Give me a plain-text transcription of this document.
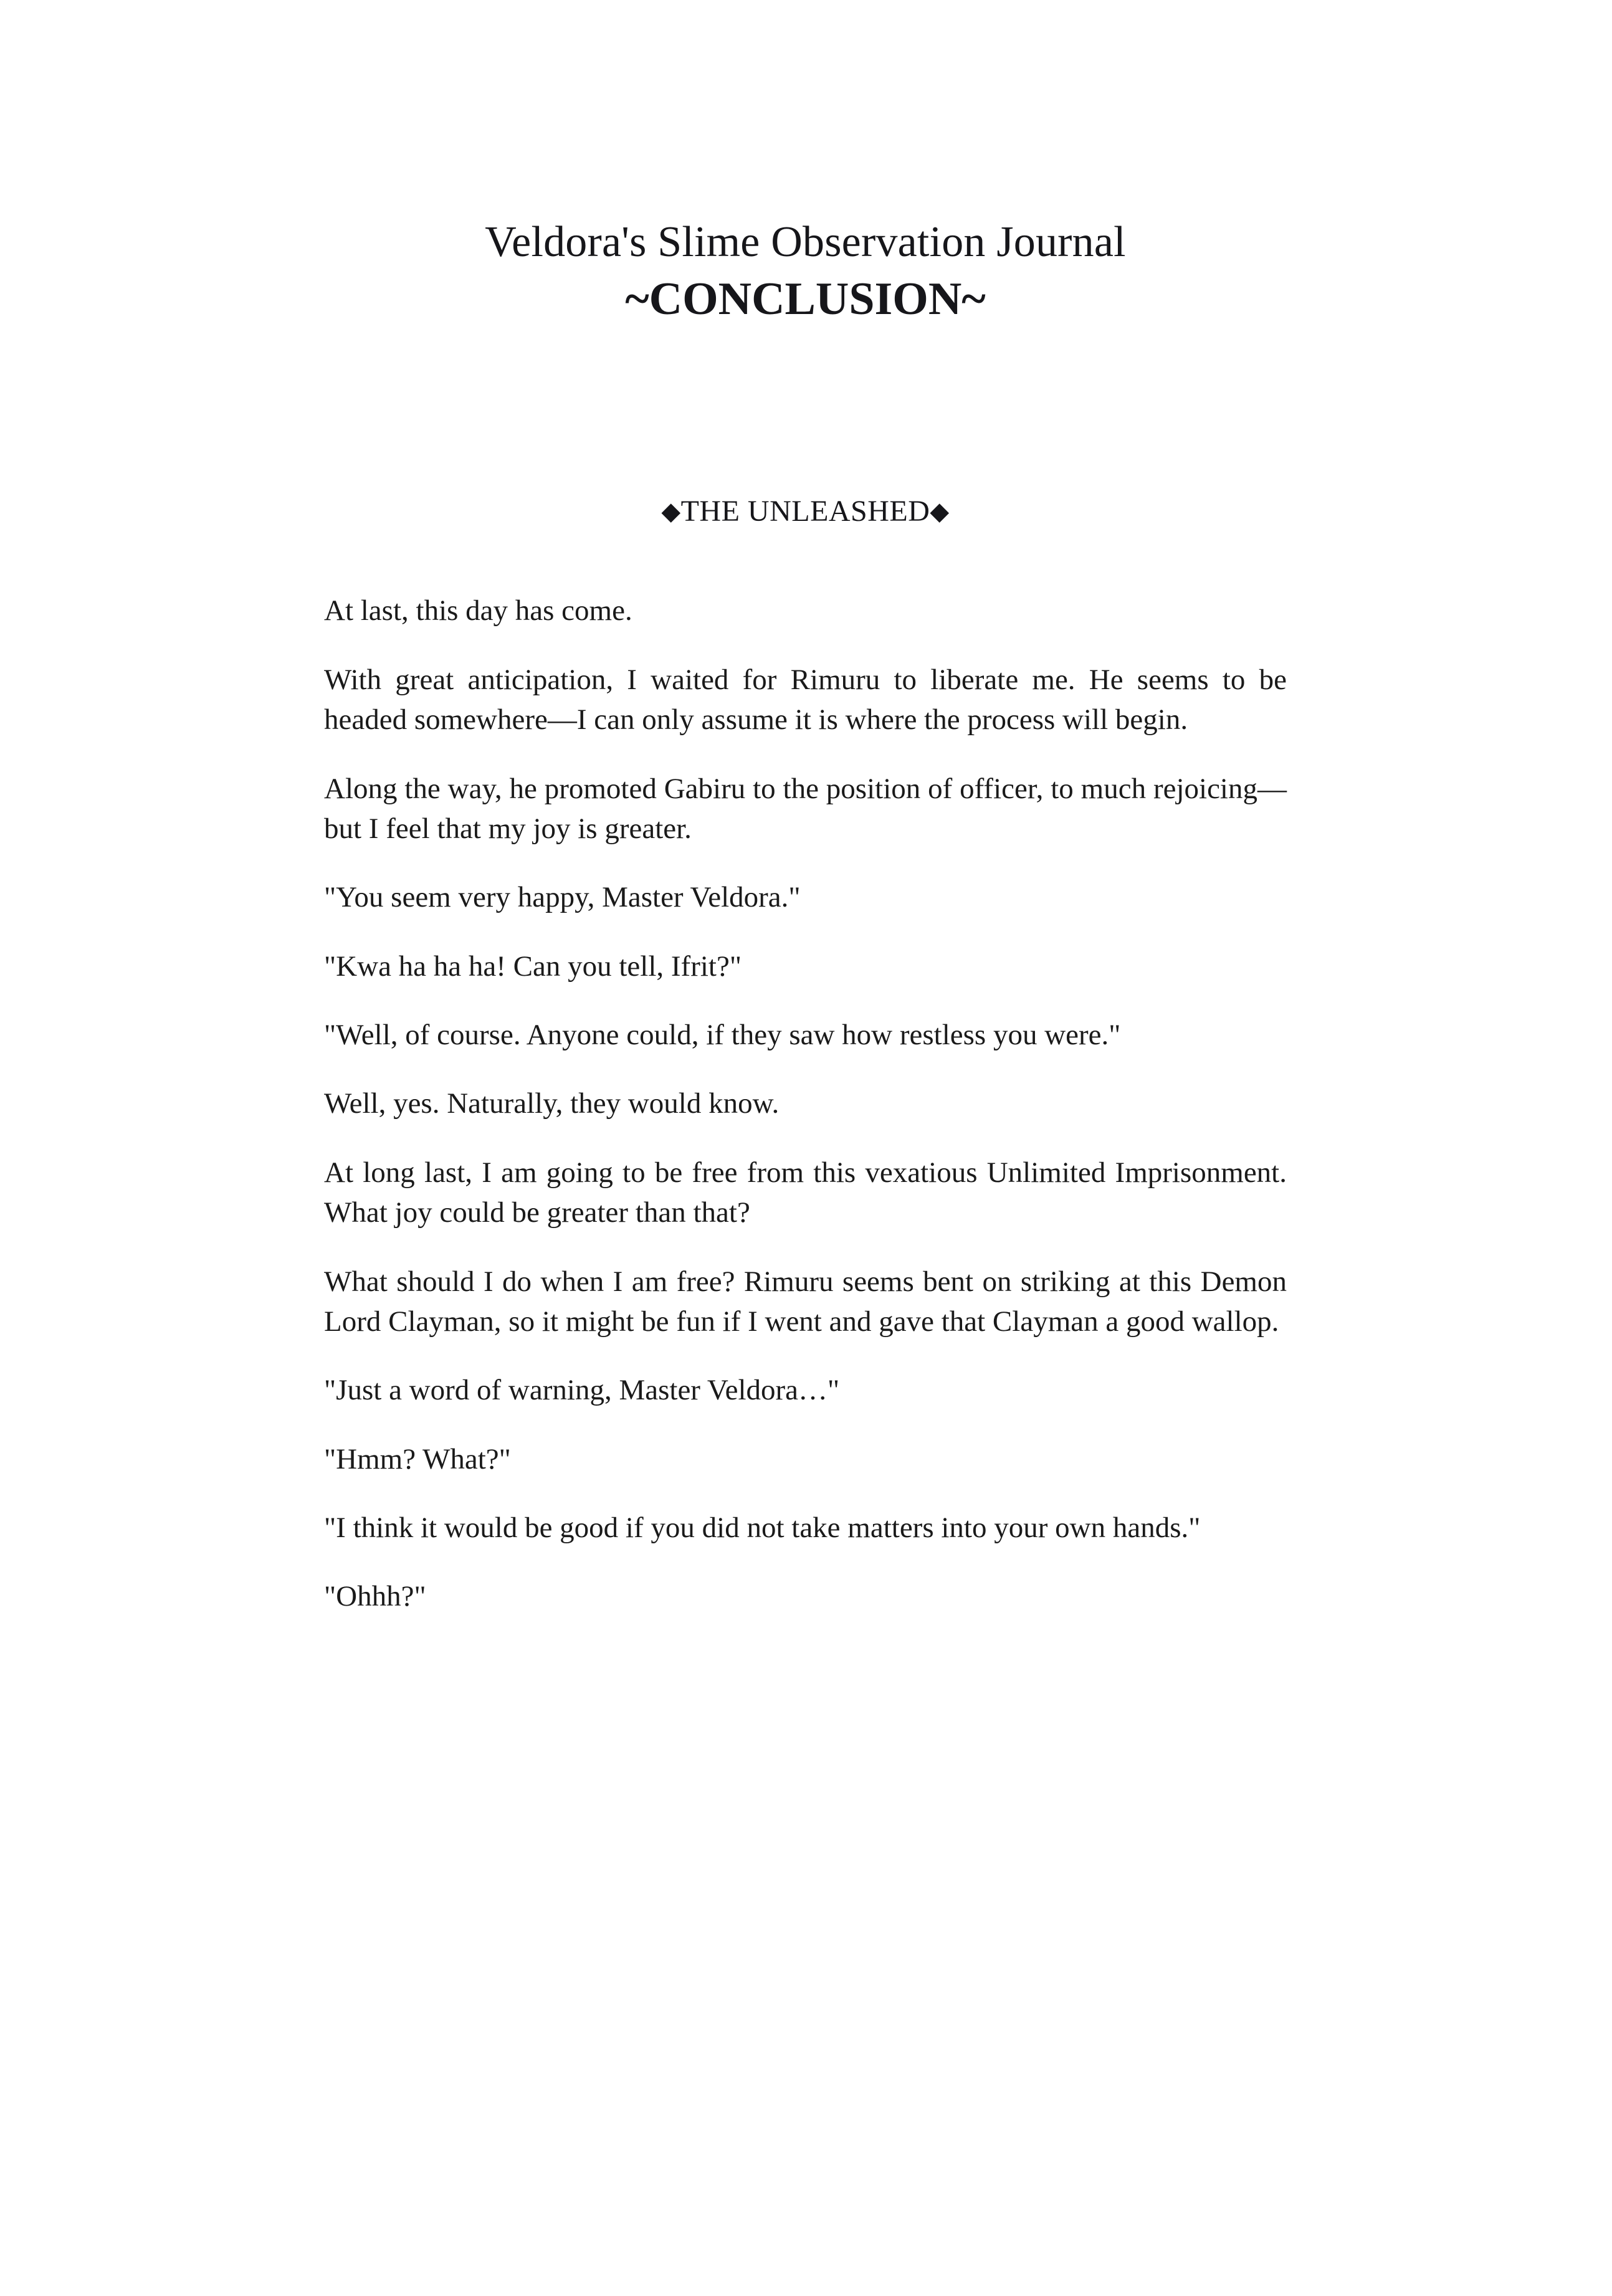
Veldora's Slime Observation Journal
~CONCLUSION~
◆THE UNLEASHED◆

At last, this day has come.

With great anticipation, I waited for Rimuru to liberate me. He seems to be headed somewhere—I can only assume it is where the process will begin.

Along the way, he promoted Gabiru to the position of officer, to much rejoicing—but I feel that my joy is greater.

"You seem very happy, Master Veldora."

"Kwa ha ha ha! Can you tell, Ifrit?"

"Well, of course. Anyone could, if they saw how restless you were."

Well, yes. Naturally, they would know.

At long last, I am going to be free from this vexatious Unlimited Imprisonment. What joy could be greater than that?

What should I do when I am free? Rimuru seems bent on striking at this Demon Lord Clayman, so it might be fun if I went and gave that Clayman a good wallop.

"Just a word of warning, Master Veldora…"

"Hmm? What?"

"I think it would be good if you did not take matters into your own hands."

"Ohhh?"
